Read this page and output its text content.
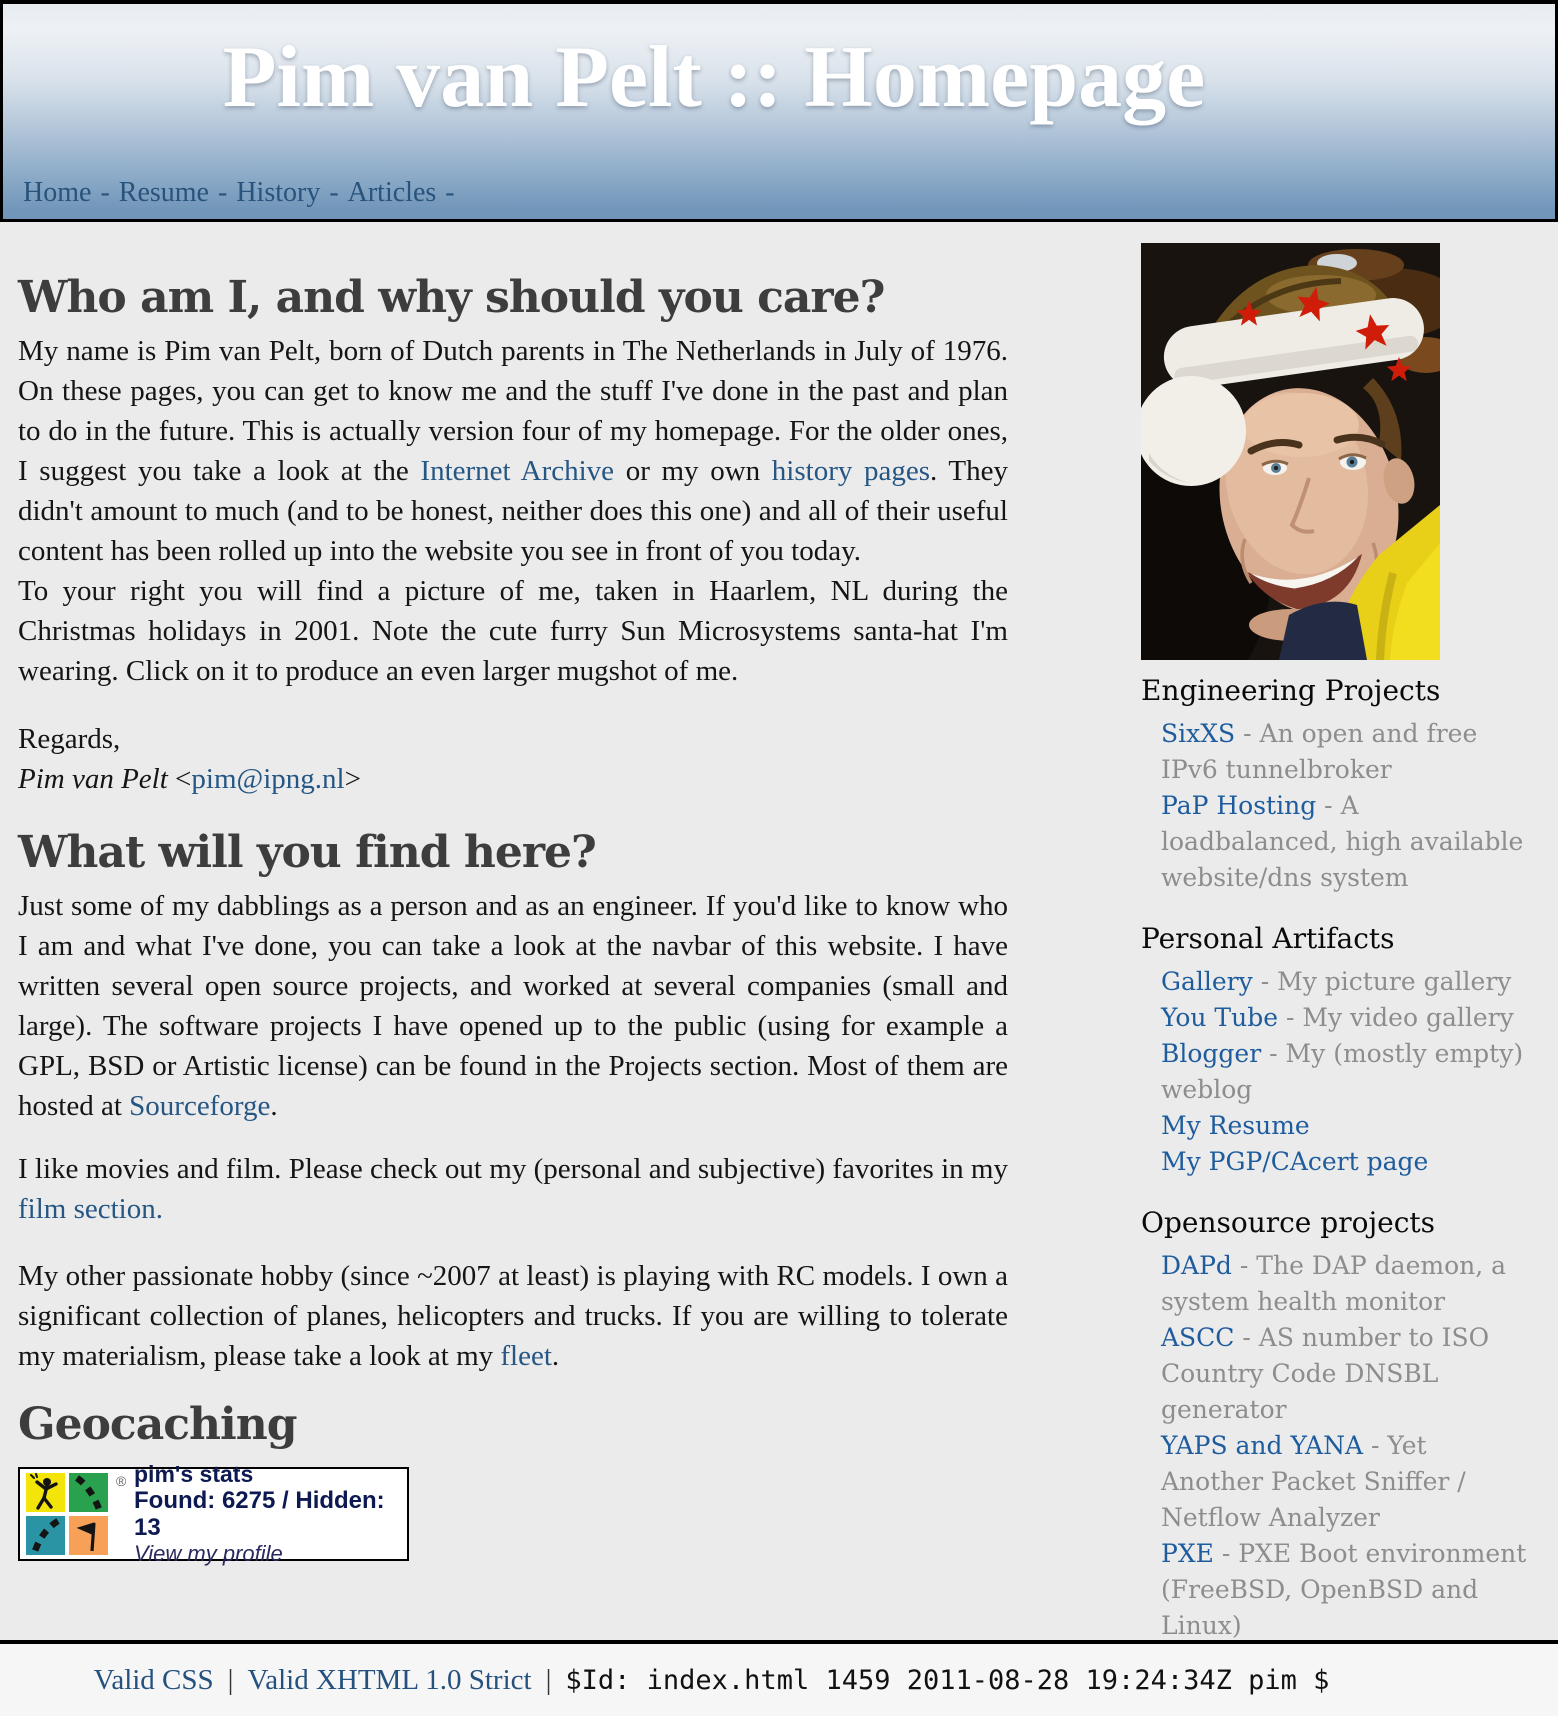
Pim van Pelt :: Homepage
Home - Resume - History - Articles -
Who am I, and why should you care?

My name is Pim van Pelt, born of Dutch parents in The Netherlands in July of 1976. On these pages, you can get to know me and the stuff I've done in the past and plan to do in the future. This is actually version four of my homepage. For the older ones, I suggest you take a look at the Internet Archive or my own history pages. They didn't amount to much (and to be honest, neither does this one) and all of their useful content has been rolled up into the website you see in front of you today.
To your right you will find a picture of me, taken in Haarlem, NL during the Christmas holidays in 2001. Note the cute furry Sun Microsystems santa-hat I'm wearing. Click on it to produce an even larger mugshot of me.

Regards,
Pim van Pelt <pim@ipng.nl>

What will you find here?

Just some of my dabblings as a person and as an engineer. If you'd like to know who I am and what I've done, you can take a look at the navbar of this website. I have written several open source projects, and worked at several companies (small and large). The software projects I have opened up to the public (using for example a GPL, BSD or Artistic license) can be found in the Projects section. Most of them are hosted at Sourceforge.

I like movies and film. Please check out my (personal and subjective) favorites in my film section.

My other passionate hobby (since ~2007 at least) is playing with RC models. I own a significant collection of planes, helicopters and trucks. If you are willing to tolerate my materialism, please take a look at my fleet.

Geocaching
® pim's stats
Found: 6275 / Hidden: 13
View my profile
Engineering Projects
SixXS - An open and free IPv6 tunnelbroker
PaP Hosting - A loadbalanced, high available website/dns system
Personal Artifacts
Gallery - My picture gallery
You Tube - My video gallery
Blogger - My (mostly empty) weblog
My Resume
My PGP/CAcert page
Opensource projects
DAPd - The DAP daemon, a system health monitor
ASCC - AS number to ISO Country Code DNSBL generator
YAPS and YANA - Yet Another Packet Sniffer / Netflow Analyzer
PXE - PXE Boot environment (FreeBSD, OpenBSD and Linux)
Valid CSS | Valid XHTML 1.0 Strict | $Id: index.html 1459 2011-08-28 19:24:34Z pim $
